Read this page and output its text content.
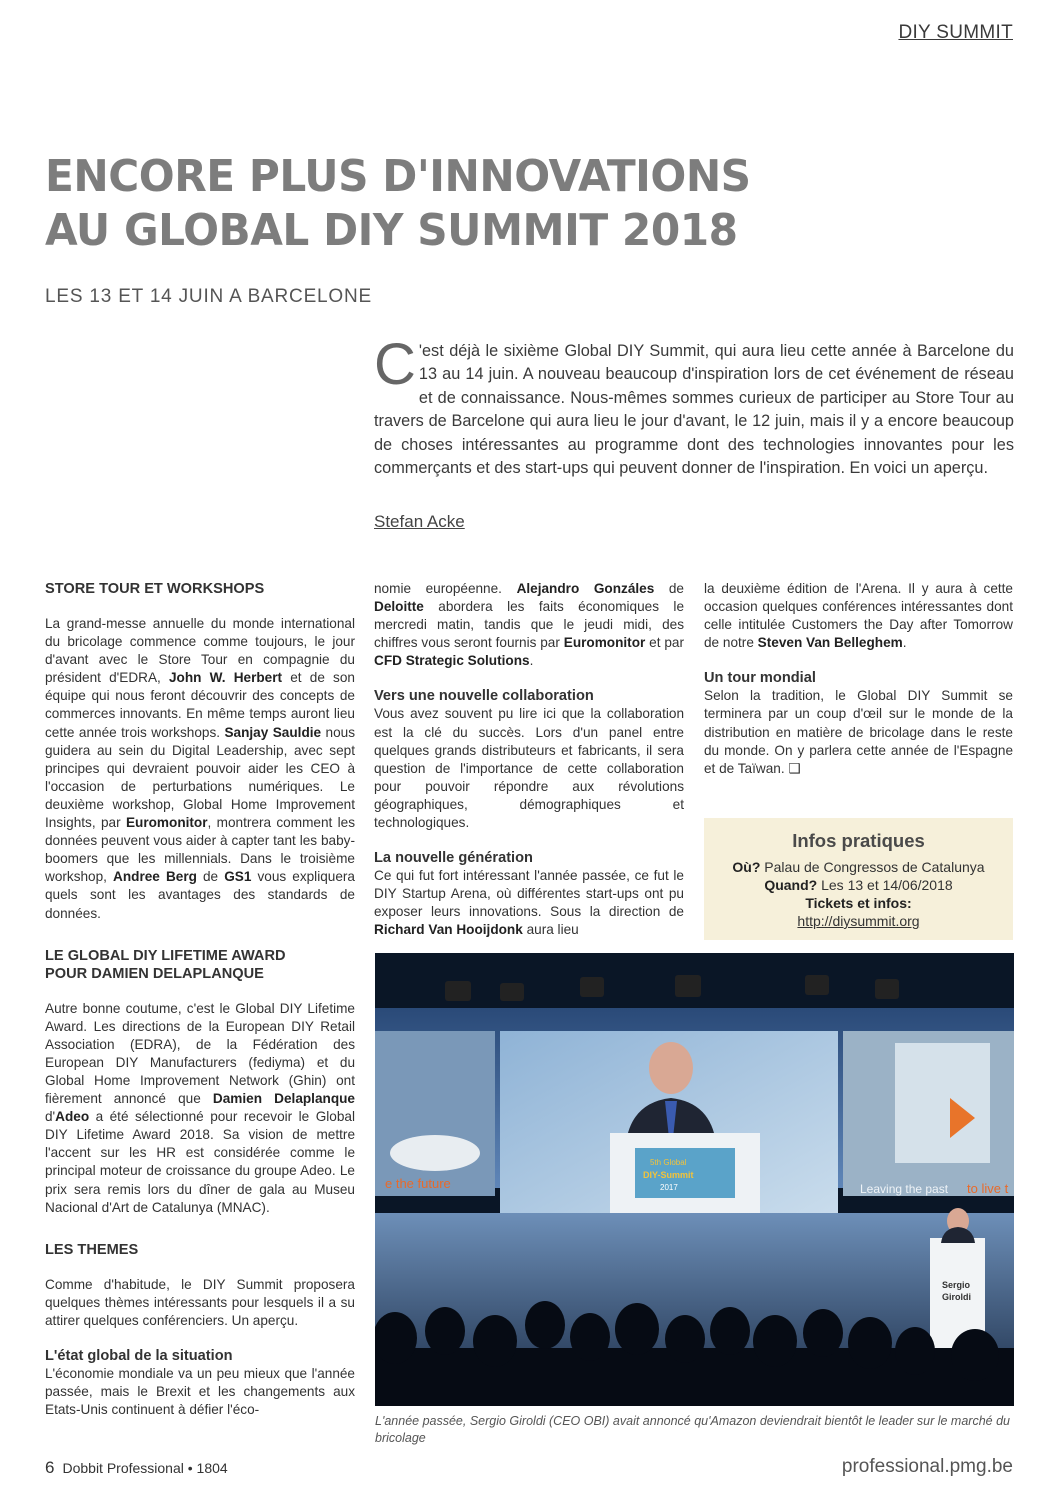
DIY SUMMIT
ENCORE PLUS D'INNOVATIONS
AU GLOBAL DIY SUMMIT 2018
LES 13 ET 14 JUIN A BARCELONE
C 'est déjà le sixième Global DIY Summit, qui aura lieu cette année à Barcelone du 13 au 14 juin. A nouveau beaucoup d'inspiration lors de cet événement de réseau et de connaissance. Nous-mêmes sommes curieux de participer au Store Tour au travers de Barcelone qui aura lieu le jour d'avant, le 12 juin, mais il y a encore beaucoup de choses intéressantes au programme dont des technologies innovantes pour les commerçants et des start-ups qui peuvent donner de l'inspiration. En voici un aperçu.
Stefan Acke
STORE TOUR ET WORKSHOPS

La grand-messe annuelle du monde international du bricolage commence comme toujours, le jour d'avant avec le Store Tour en compagnie du président d'EDRA, John W. Herbert et de son équipe qui nous feront découvrir des concepts de commerces innovants. En même temps auront lieu cette année trois workshops. Sanjay Sauldie nous guidera au sein du Digital Leadership, avec sept principes qui devraient pouvoir aider les CEO à l'occasion de perturbations numériques. Le deuxième workshop, Global Home Improvement Insights, par Euromonitor, montrera comment les données peuvent vous aider à capter tant les baby-boomers que les millennials. Dans le troisième workshop, Andree Berg de GS1 vous expliquera quels sont les avantages des standards de données.

LE GLOBAL DIY LIFETIME AWARD
POUR DAMIEN DELAPLANQUE

Autre bonne coutume, c'est le Global DIY Lifetime Award. Les directions de la European DIY Retail Association (EDRA), de la Fédération des European DIY Manufacturers (fediyma) et du Global Home Improvement Network (Ghin) ont fièrement annoncé que Damien Delaplanque d'Adeo a été sélectionné pour recevoir le Global DIY Lifetime Award 2018. Sa vision de mettre l'accent sur les HR est considérée comme le principal moteur de croissance du groupe Adeo. Le prix sera remis lors du dîner de gala au Museu Nacional d'Art de Catalunya (MNAC).

LES THEMES

Comme d'habitude, le DIY Summit proposera quelques thèmes intéressants pour lesquels il a su attirer quelques conférenciers. Un aperçu.

L'état global de la situation

L'économie mondiale va un peu mieux que l'année passée, mais le Brexit et les changements aux Etats-Unis continuent à défier l'éco-

nomie européenne. Alejandro Gonzáles de Deloitte abordera les faits économiques le mercredi matin, tandis que le jeudi midi, des chiffres vous seront fournis par Euromonitor et par CFD Strategic Solutions.

Vers une nouvelle collaboration

Vous avez souvent pu lire ici que la collaboration est la clé du succès. Lors d'un panel entre quelques grands distributeurs et fabricants, il sera question de l'importance de cette collaboration pour pouvoir répondre aux révolutions géographiques, démographiques et technologiques.

La nouvelle génération

Ce qui fut fort intéressant l'année passée, ce fut le DIY Startup Arena, où différentes start-ups ont pu exposer leurs innovations. Sous la direction de Richard Van Hooijdonk aura lieu

la deuxième édition de l'Arena. Il y aura à cette occasion quelques conférences intéressantes dont celle intitulée Customers the Day after Tomorrow de notre Steven Van Belleghem.

Un tour mondial

Selon la tradition, le Global DIY Summit se terminera par un coup d'œil sur le monde de la distribution en matière de bricolage dans le reste du monde. On y parlera cette année de l'Espagne et de Taïwan. ❑

Infos pratiques
Où? Palau de Congressos de Catalunya
Quand? Les 13 et 14/06/2018
Tickets et infos:
http://diysummit.org
e the future	Leaving the past to live t
5th Global
DIY-Summit
2017
Sergio
Giroldi
L'année passée, Sergio Giroldi (CEO OBI) avait annoncé qu'Amazon deviendrait bientôt le leader sur le marché du bricolage
6 Dobbit Professional • 1804	professional.pmg.be
